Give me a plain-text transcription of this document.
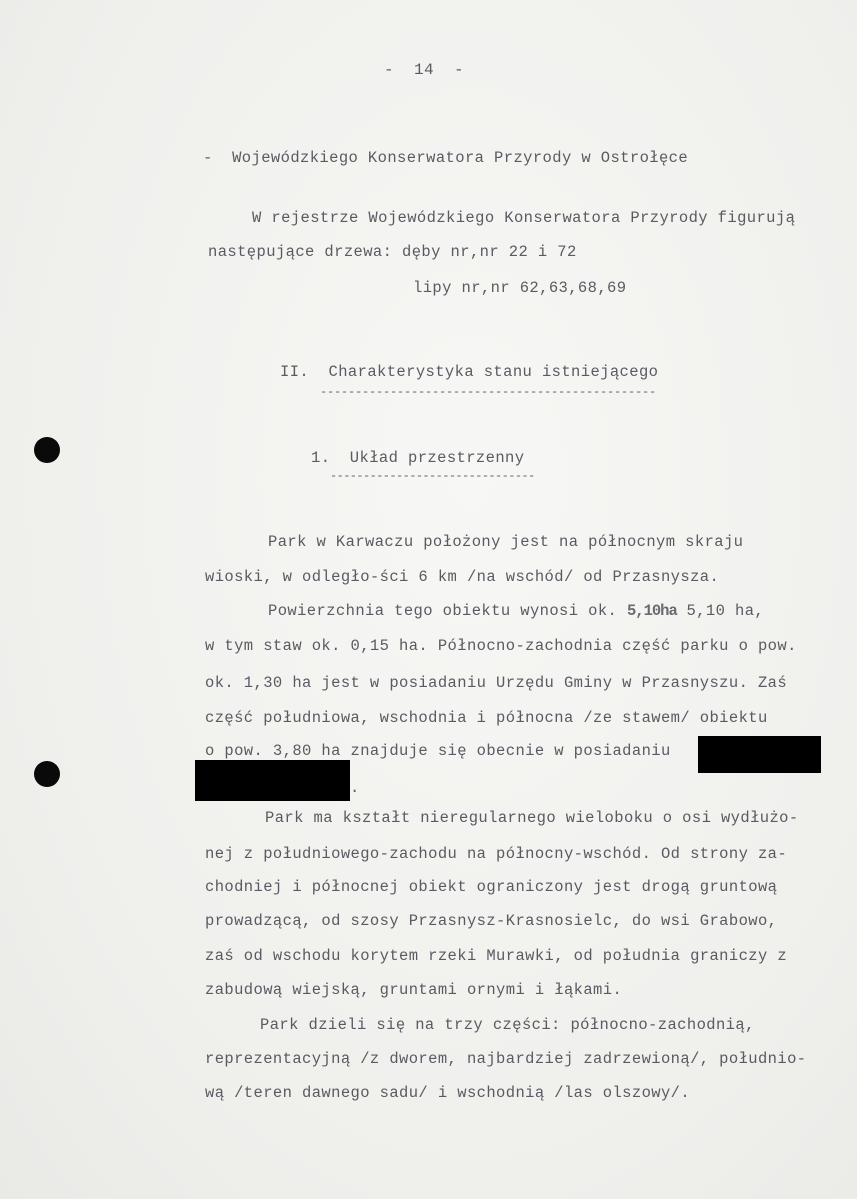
-  14  -
-  Wojewódzkiego Konserwatora Przyrody w Ostrołęce
W rejestrze Wojewódzkiego Konserwatora Przyrody figurują
następujące drzewa: dęby nr,nr 22 i 72
lipy nr,nr 62,63,68,69
II.  Charakterystyka stanu istniejącego
------------------------------------------------
1.  Układ przestrzenny
-------------------------------
Park w Karwaczu położony jest na północnym skraju
wioski, w odległo-ści 6 km /na wschód/ od Przasnysza.
Powierzchnia tego obiektu wynosi ok. 5,10ha 5,10 ha,
w tym staw ok. 0,15 ha. Północno-zachodnia część parku o pow.
ok. 1,30 ha jest w posiadaniu Urzędu Gminy w Przasnyszu. Zaś
część południowa, wschodnia i północna /ze stawem/ obiektu
o pow. 3,80 ha znajduje się obecnie w posiadaniu
.
Park ma kształt nieregularnego wieloboku o osi wydłużo-
nej z południowego-zachodu na północny-wschód. Od strony za-
chodniej i północnej obiekt ograniczony jest drogą gruntową
prowadzącą, od szosy Przasnysz-Krasnosielc, do wsi Grabowo,
zaś od wschodu korytem rzeki Murawki, od południa graniczy z
zabudową wiejską, gruntami ornymi i łąkami.
Park dzieli się na trzy części: północno-zachodnią,
reprezentacyjną /z dworem, najbardziej zadrzewioną/, południo-
wą /teren dawnego sadu/ i wschodnią /las olszowy/.
